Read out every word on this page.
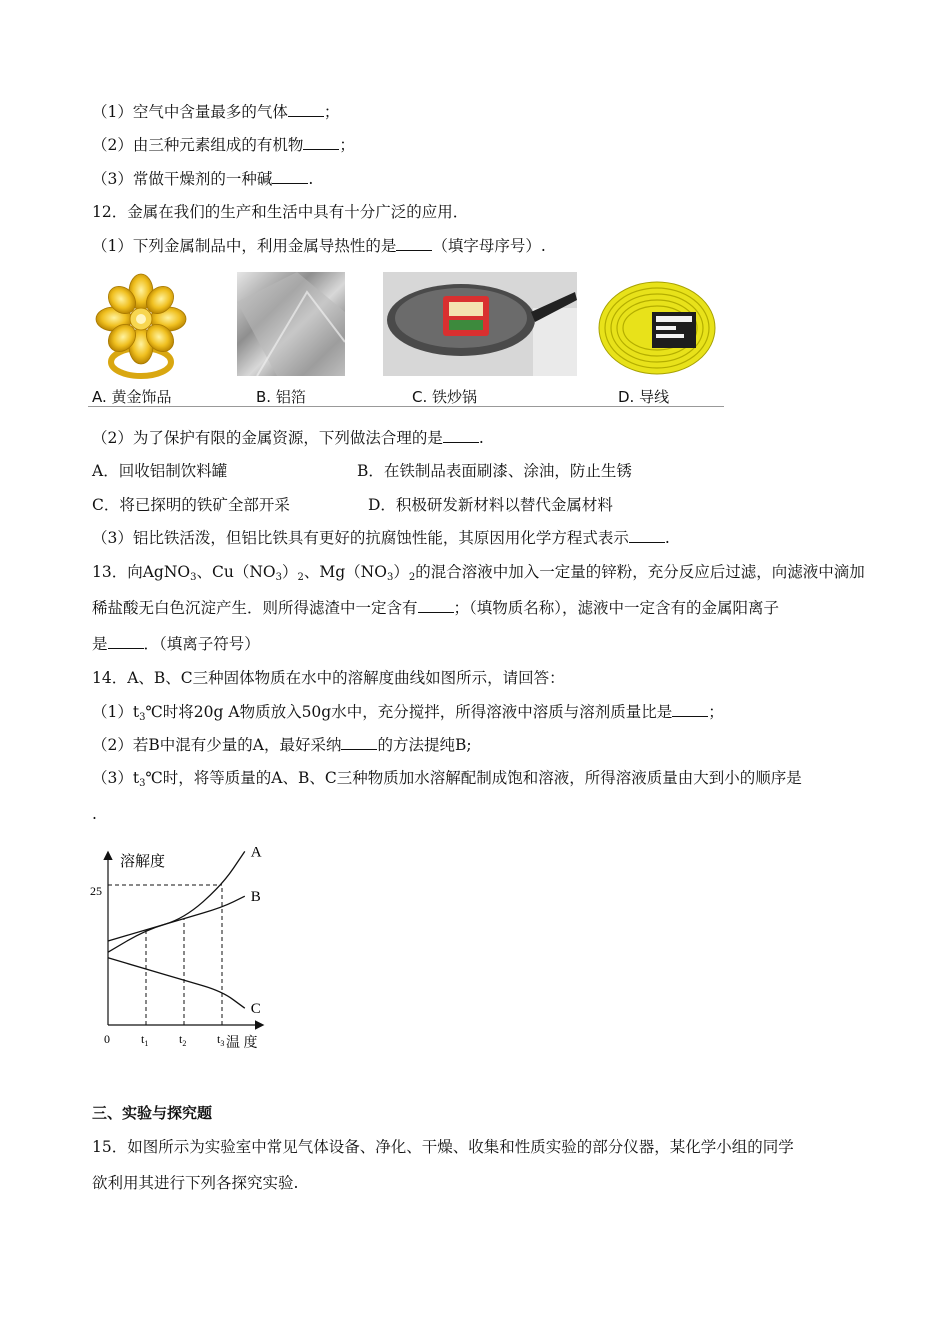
（1）空气中含量最多的气体 ；
（2）由三种元素组成的有机物 ；
（3）常做干燥剂的一种碱 .
12．金属在我们的生产和生活中具有十分广泛的应用．
（1）下列金属制品中，利用金属导热性的是 （填字母序号）.
A. 黄金饰品	B. 铝箔	C. 铁炒锅	D. 导线
（2）为了保护有限的金属资源，下列做法合理的是 .
A．回收铝制饮料罐	B．在铁制品表面刷漆、涂油，防止生锈
C．将已探明的铁矿全部开采	D．积极研发新材料以替代金属材料
（3）铝比铁活泼，但铝比铁具有更好的抗腐蚀性能，其原因用化学方程式表示 .
13．向AgNO$_3$、$Cu(NO_3)_2$、$Mg(NO_3)_2$的混合溶液中加入一定量的锌粉，充分反应后过滤，向滤液中滴加
稀盐酸无白色沉淀产生．则所得滤渣中一定含有 ；（填物质名称），滤液中一定含有的金属阳离子
是 ．（填离子符号）
14．A、B、C三种固体物质在水中的溶解度曲线如图所示，请回答：
$(1)t_3℃$时将20g A物质放入50g水中，充分搅拌，所得溶液中溶质与溶剂质量比是 ；
（2）若B中混有少量的A，最好采纳 的方法提纯B;
$(3)t_3℃$时，将等质量的A、B、C三种物质加水溶解配制成饱和溶液，所得溶液质量由大到小的顺序是
.
溶解度
温 度
0
25
A
B
C
$t_1$	$t_2$	$t_3$
三、实验与探究题
15．如图所示为实验室中常见气体设备、净化、干燥、收集和性质实验的部分仪器，某化学小组的同学
欲利用其进行下列各探究实验.
